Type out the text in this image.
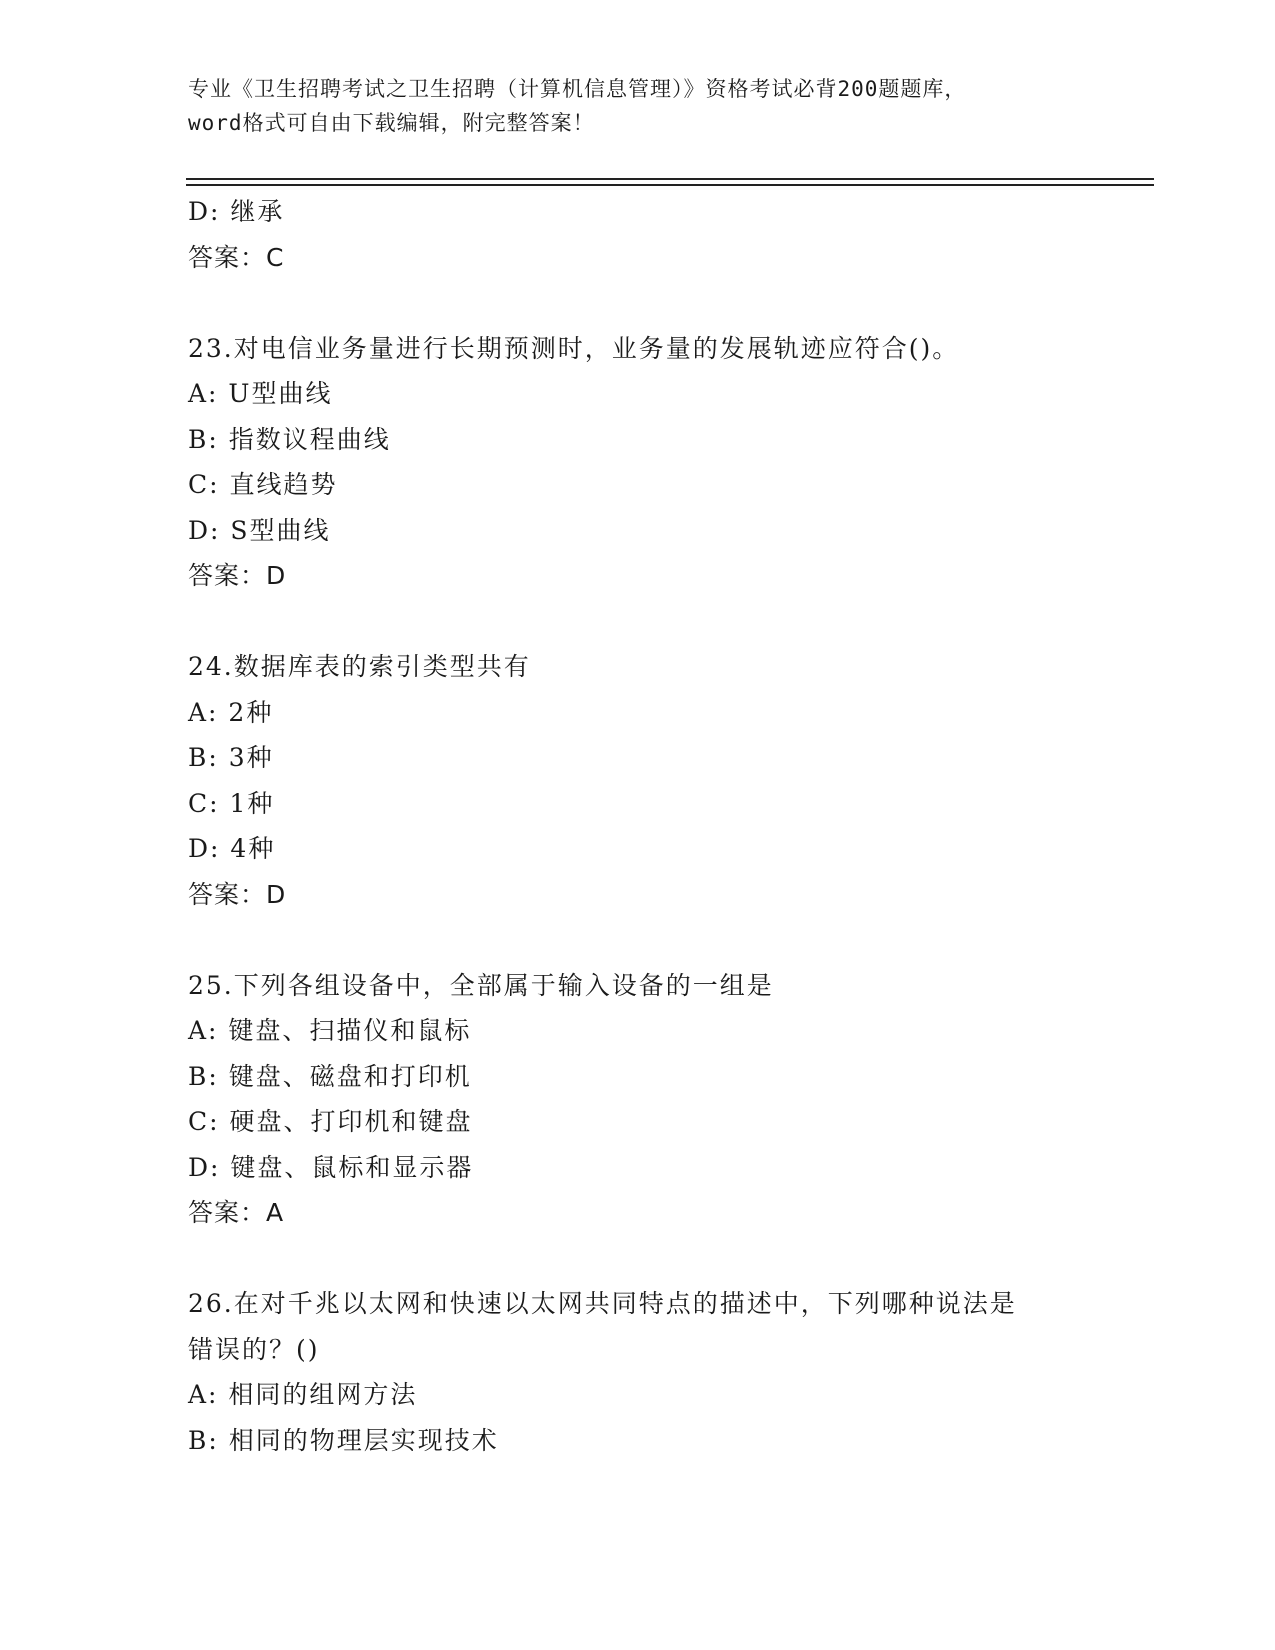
专业《卫生招聘考试之卫生招聘（计算机信息管理）》资格考试必背200题题库，
word格式可自由下载编辑，附完整答案！
D: 继承
答案：C
23.对电信业务量进行长期预测时，业务量的发展轨迹应符合()。
A: U型曲线
B: 指数议程曲线
C: 直线趋势
D: S型曲线
答案：D
24.数据库表的索引类型共有
A: 2种
B: 3种
C: 1种
D: 4种
答案：D
25.下列各组设备中，全部属于输入设备的一组是
A: 键盘、扫描仪和鼠标
B: 键盘、磁盘和打印机
C: 硬盘、打印机和键盘
D: 键盘、鼠标和显示器
答案：A
26.在对千兆以太网和快速以太网共同特点的描述中，下列哪种说法是
错误的？()
A: 相同的组网方法
B: 相同的物理层实现技术
